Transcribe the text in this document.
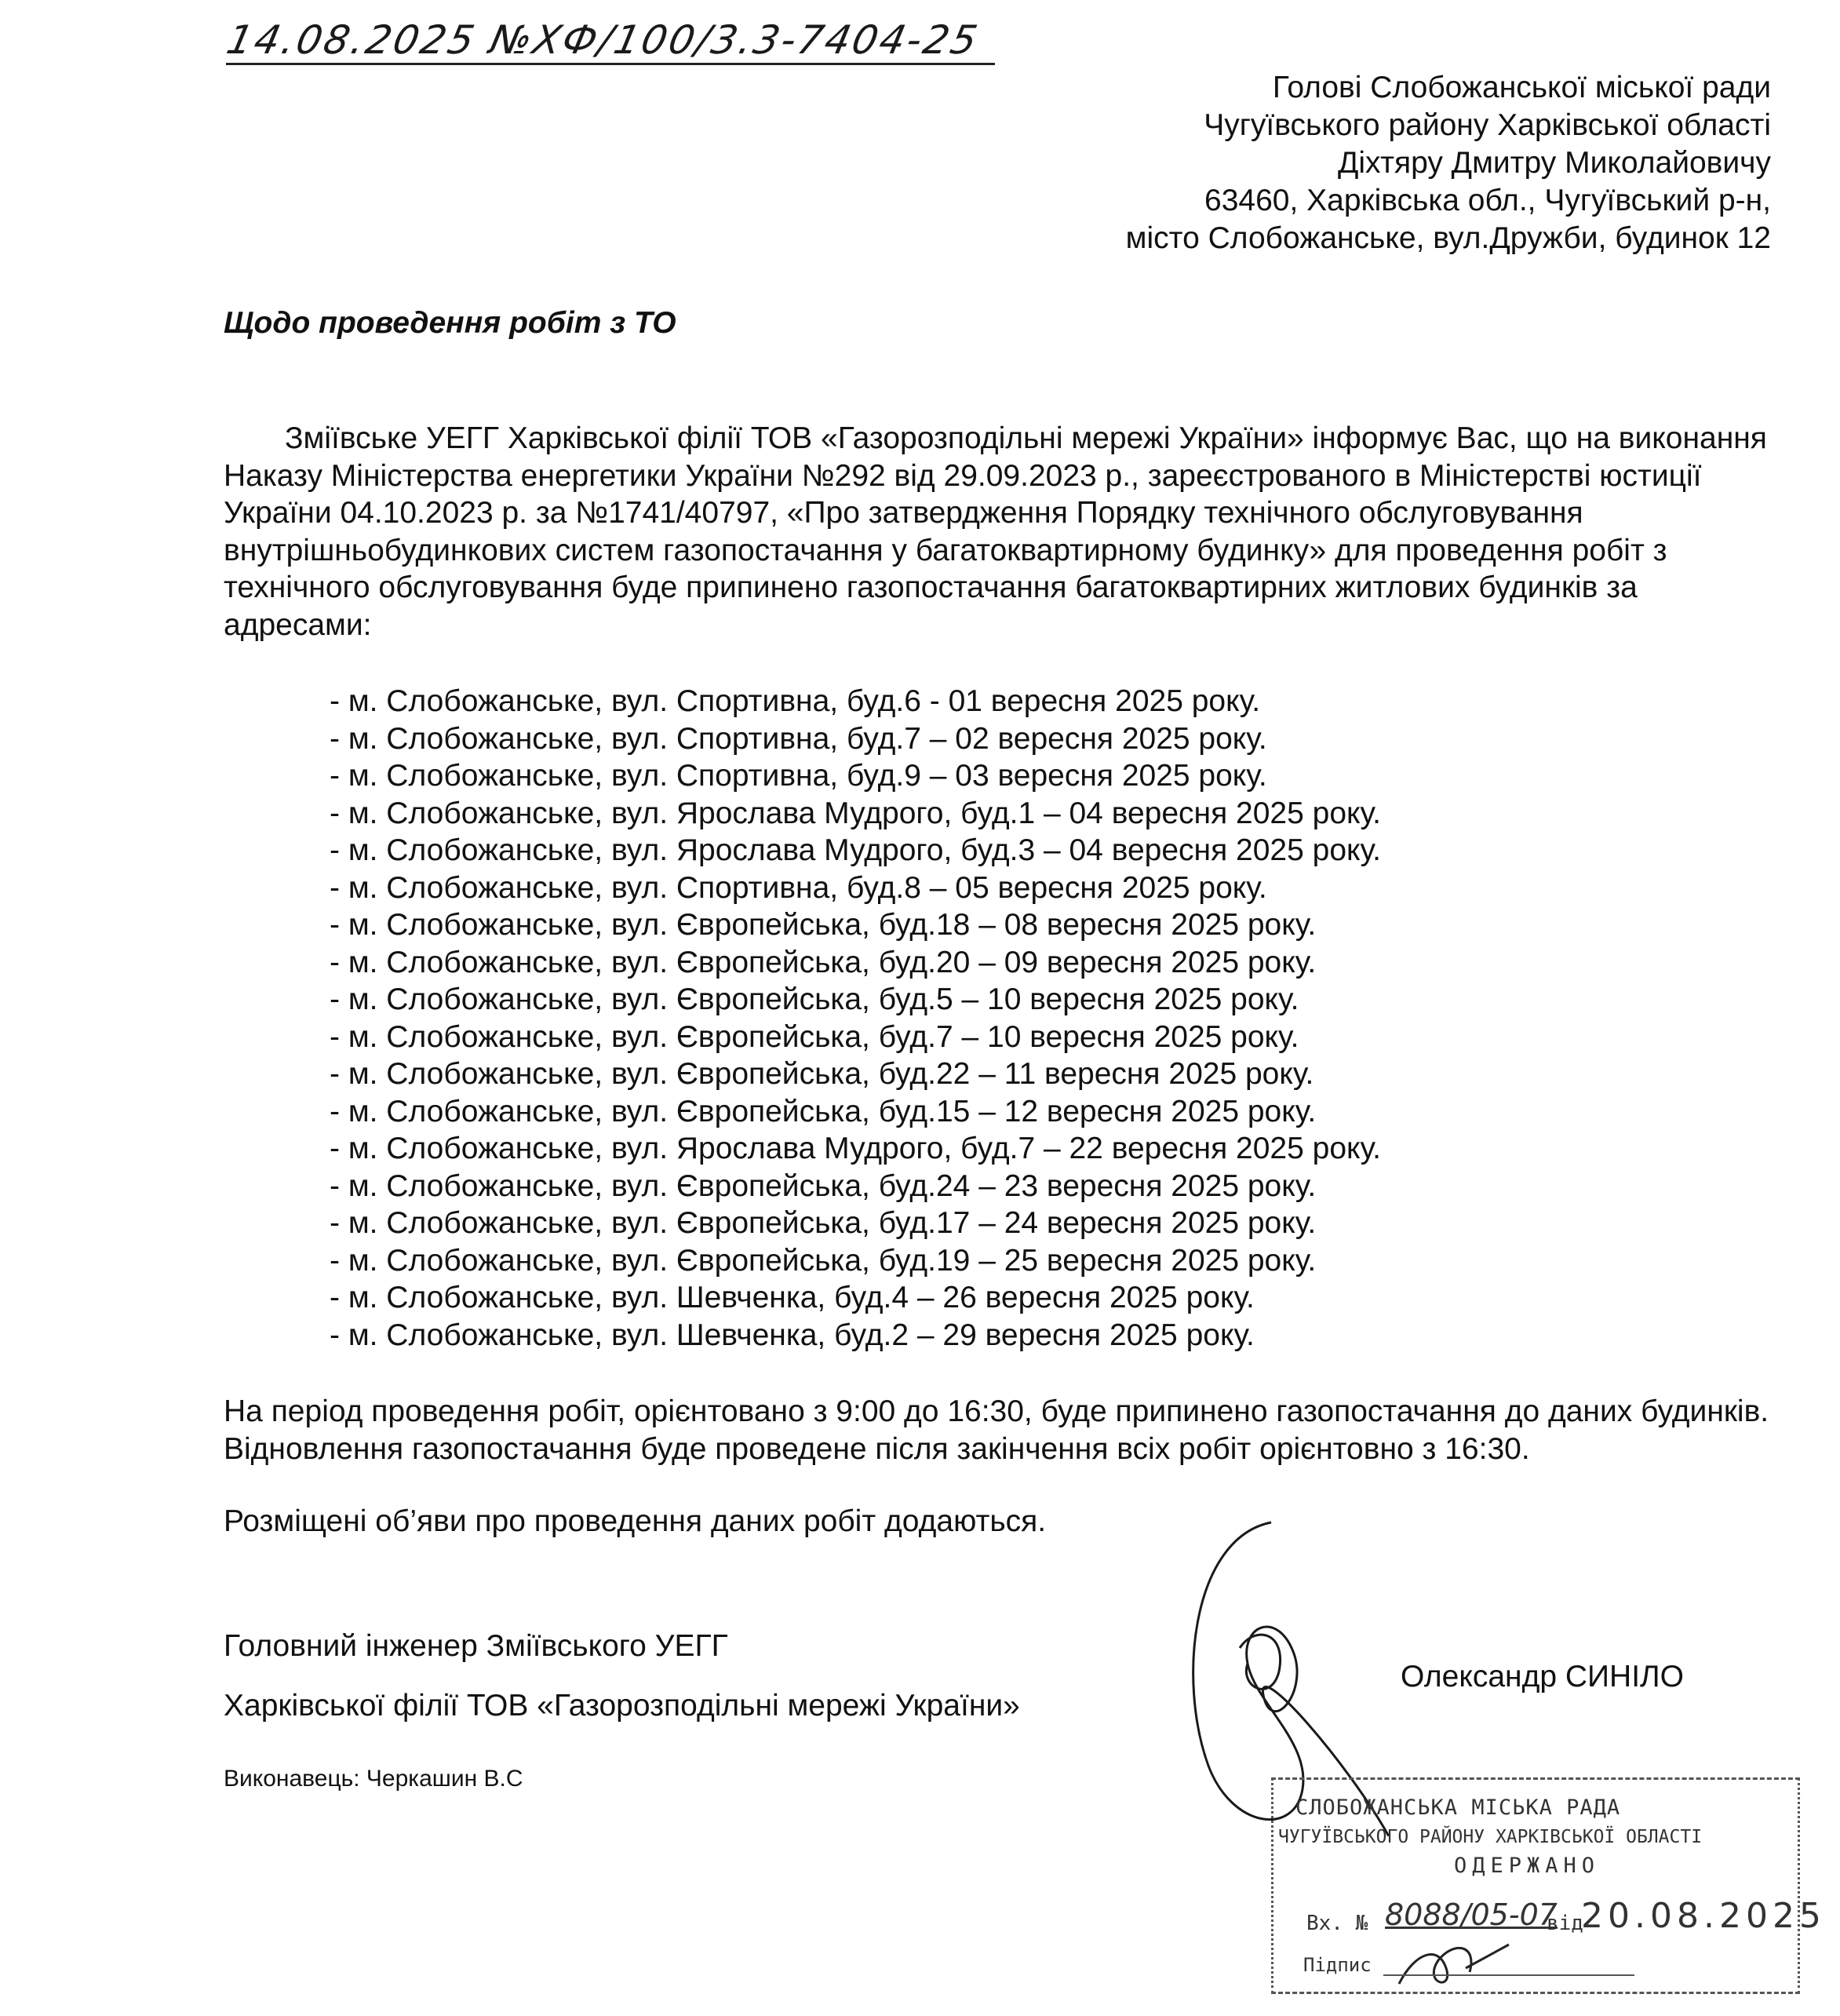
14.08.2025 №ХФ/100/3.3-7404-25
Голові Слобожанської міської ради
Чугуївського району Харківської області
Діхтяру Дмитру Миколайовичу
63460, Харківська обл., Чугуївський р-н,
місто Слобожанське, вул.Дружби, будинок 12
Щодо проведення робіт з ТО
Зміївське УЕГГ Харківської філії ТОВ «Газорозподільні мережі України» інформує Вас, що на виконання Наказу Міністерства енергетики України №292 від 29.09.2023 р., зареєстрованого в Міністерстві юстиції України 04.10.2023 р. за №1741/40797, «Про затвердження Порядку технічного обслуговування внутрішньобудинкових систем газопостачання у багатоквартирному будинку» для проведення робіт з технічного обслуговування буде припинено газопостачання багатоквартирних житлових будинків за адресами:
- м. Слобожанське, вул. Спортивна, буд.6 - 01 вересня 2025 року.
- м. Слобожанське, вул. Спортивна, буд.7 – 02 вересня 2025 року.
- м. Слобожанське, вул. Спортивна, буд.9 – 03 вересня 2025 року.
- м. Слобожанське, вул. Ярослава Мудрого, буд.1 – 04 вересня 2025 року.
- м. Слобожанське, вул. Ярослава Мудрого, буд.3 – 04 вересня 2025 року.
- м. Слобожанське, вул. Спортивна, буд.8 – 05 вересня 2025 року.
- м. Слобожанське, вул. Європейська, буд.18 – 08 вересня 2025 року.
- м. Слобожанське, вул. Європейська, буд.20 – 09 вересня 2025 року.
- м. Слобожанське, вул. Європейська, буд.5 – 10 вересня 2025 року.
- м. Слобожанське, вул. Європейська, буд.7 – 10 вересня 2025 року.
- м. Слобожанське, вул. Європейська, буд.22 – 11 вересня 2025 року.
- м. Слобожанське, вул. Європейська, буд.15 – 12 вересня 2025 року.
- м. Слобожанське, вул. Ярослава Мудрого, буд.7 – 22 вересня 2025 року.
- м. Слобожанське, вул. Європейська, буд.24 – 23 вересня 2025 року.
- м. Слобожанське, вул. Європейська, буд.17 – 24 вересня 2025 року.
- м. Слобожанське, вул. Європейська, буд.19 – 25 вересня 2025 року.
- м. Слобожанське, вул. Шевченка, буд.4 – 26 вересня 2025 року.
- м. Слобожанське, вул. Шевченка, буд.2 – 29 вересня 2025 року.
На період проведення робіт, орієнтовано з 9:00 до 16:30, буде припинено газопостачання до даних будинків. Відновлення газопостачання буде проведене після закінчення всіх робіт орієнтовно з 16:30.
Розміщені об’яви про проведення даних робіт додаються.
Головний інженер Зміївського УЕГГ
Харківської філії ТОВ «Газорозподільні мережі України»
Олександр СИНІЛО
Виконавець: Черкашин В.С
СЛОБОЖАНСЬКА МІСЬКА РАДА
ЧУГУЇВСЬКОГО РАЙОНУ ХАРКІВСЬКОЇ ОБЛАСТІ
ОДЕРЖАНО
Вх. № 8088/05-07
від
20.08.2025
Підпис
